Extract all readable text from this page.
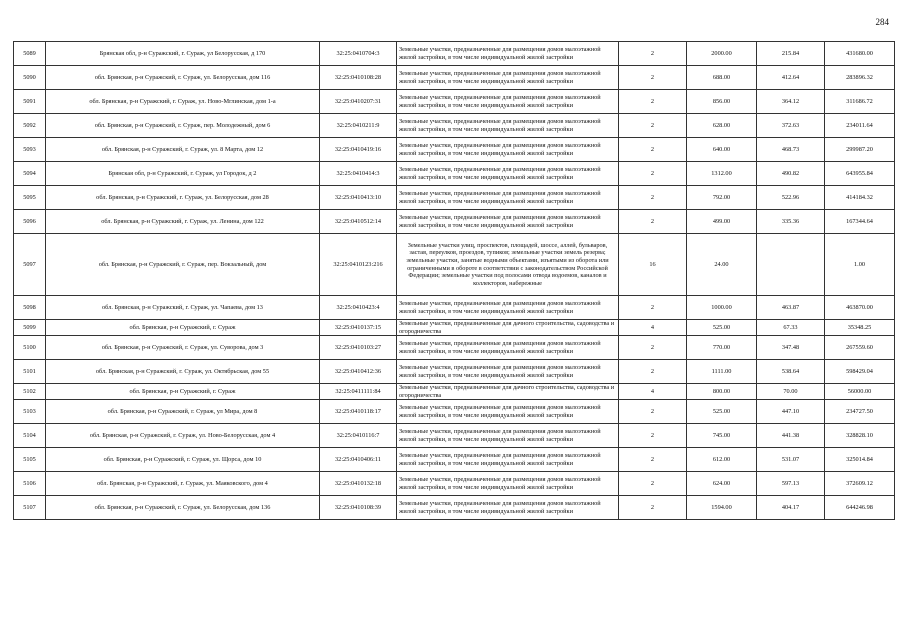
284
5089	Брянская обл, р-н Суражский, г. Сураж, ул Белорусская, д 170	32:25:0410704:3	Земельные участки, предназначенные для размещения домов малоэтажной жилой застройки, в том числе индивидуальной жилой застройки	2	2000.00	215.84	431680.00
5090	обл. Брянская, р-н Суражский, г. Сураж, ул. Белорусская, дом 116	32:25:0410108:28	Земельные участки, предназначенные для размещения домов малоэтажной жилой застройки, в том числе индивидуальной жилой застройки	2	688.00	412.64	283896.32
5091	обл. Брянская, р-н Суражский, г. Сураж, ул. Ново-Мглинская, дом 1-а	32:25:0410207:31	Земельные участки, предназначенные для размещения домов малоэтажной жилой застройки, в том числе индивидуальной жилой застройки	2	856.00	364.12	311686.72
5092	обл. Брянская, р-н Суражский, г. Сураж, пер. Молодежный, дом 6	32:25:0410211:9	Земельные участки, предназначенные для размещения домов малоэтажной жилой застройки, в том числе индивидуальной жилой застройки	2	628.00	372.63	234011.64
5093	обл. Брянская, р-н Суражский, г. Сураж, ул. 8 Марта, дом 12	32:25:0410419:16	Земельные участки, предназначенные для размещения домов малоэтажной жилой застройки, в том числе индивидуальной жилой застройки	2	640.00	468.73	299987.20
5094	Брянская обл, р-н Суражский, г. Сураж, ул Городок, д 2	32:25:0410414:3	Земельные участки, предназначенные для размещения домов малоэтажной жилой застройки, в том числе индивидуальной жилой застройки	2	1312.00	490.82	643955.84
5095	обл. Брянская, р-н Суражский, г. Сураж, ул. Белорусская, дом 28	32:25:0410413:10	Земельные участки, предназначенные для размещения домов малоэтажной жилой застройки, в том числе индивидуальной жилой застройки	2	792.00	522.96	414184.32
5096	обл. Брянская, р-н Суражский, г. Сураж, ул. Ленина, дом 122	32:25:0410512:14	Земельные участки, предназначенные для размещения домов малоэтажной жилой застройки, в том числе индивидуальной жилой застройки	2	499.00	335.36	167344.64
5097	обл. Брянская, р-н Суражский, г. Сураж, пер. Вокзальный, дом	32:25:0410123:216	Земельные участки улиц, проспектов, площадей, шоссе, аллей, бульваров, застав, переулков, проездов, тупиков; земельные участки земель резерва; земельные участки, занятые водными объектами, изъятыми из оборота или ограниченными в обороте в соответствии с законодательством Российской Федерации; земельные участки под полосами отвода водоемов, каналов и коллекторов, набережные	16	24.00		1.00
5098	обл. Брянская, р-н Суражский, г. Сураж, ул. Чапаева, дом 13	32:25:0410423:4	Земельные участки, предназначенные для размещения домов малоэтажной жилой застройки, в том числе индивидуальной жилой застройки	2	1000.00	463.87	463870.00
5099	обл. Брянская, р-н Суражский, г. Сураж	32:25:0410137:15	Земельные участки, предназначенные для дачного строительства, садоводства и огородничества	4	525.00	67.33	35348.25
5100	обл. Брянская, р-н Суражский, г. Сураж, ул. Суворова, дом 3	32:25:0410103:27	Земельные участки, предназначенные для размещения домов малоэтажной жилой застройки, в том числе индивидуальной жилой застройки	2	770.00	347.48	267559.60
5101	обл. Брянская, р-н Суражский, г. Сураж, ул. Октябрьская, дом 55	32:25:0410412:36	Земельные участки, предназначенные для размещения домов малоэтажной жилой застройки, в том числе индивидуальной жилой застройки	2	1111.00	538.64	598429.04
5102	обл. Брянская, р-н Суражский, г. Сураж	32:25:0411111:84	Земельные участки, предназначенные для дачного строительства, садоводства и огородничества	4	800.00	70.00	56000.00
5103	обл. Брянская, р-н Суражский, г. Сураж, ул Мира, дом 8	32:25:0410118:17	Земельные участки, предназначенные для размещения домов малоэтажной жилой застройки, в том числе индивидуальной жилой застройки	2	525.00	447.10	234727.50
5104	обл. Брянская, р-н Суражский, г. Сураж, ул. Ново-Белорусская, дом 4	32:25:0410116:7	Земельные участки, предназначенные для размещения домов малоэтажной жилой застройки, в том числе индивидуальной жилой застройки	2	745.00	441.38	328828.10
5105	обл. Брянская, р-н Суражский, г. Сураж, ул. Щорса, дом 10	32:25:0410406:11	Земельные участки, предназначенные для размещения домов малоэтажной жилой застройки, в том числе индивидуальной жилой застройки	2	612.00	531.07	325014.84
5106	обл. Брянская, р-н Суражский, г. Сураж, ул. Маяковского, дом 4	32:25:0410132:18	Земельные участки, предназначенные для размещения домов малоэтажной жилой застройки, в том числе индивидуальной жилой застройки	2	624.00	597.13	372609.12
5107	обл. Брянская, р-н Суражский, г. Сураж, ул. Белорусская, дом 136	32:25:0410108:39	Земельные участки, предназначенные для размещения домов малоэтажной жилой застройки, в том числе индивидуальной жилой застройки	2	1594.00	404.17	644246.98
